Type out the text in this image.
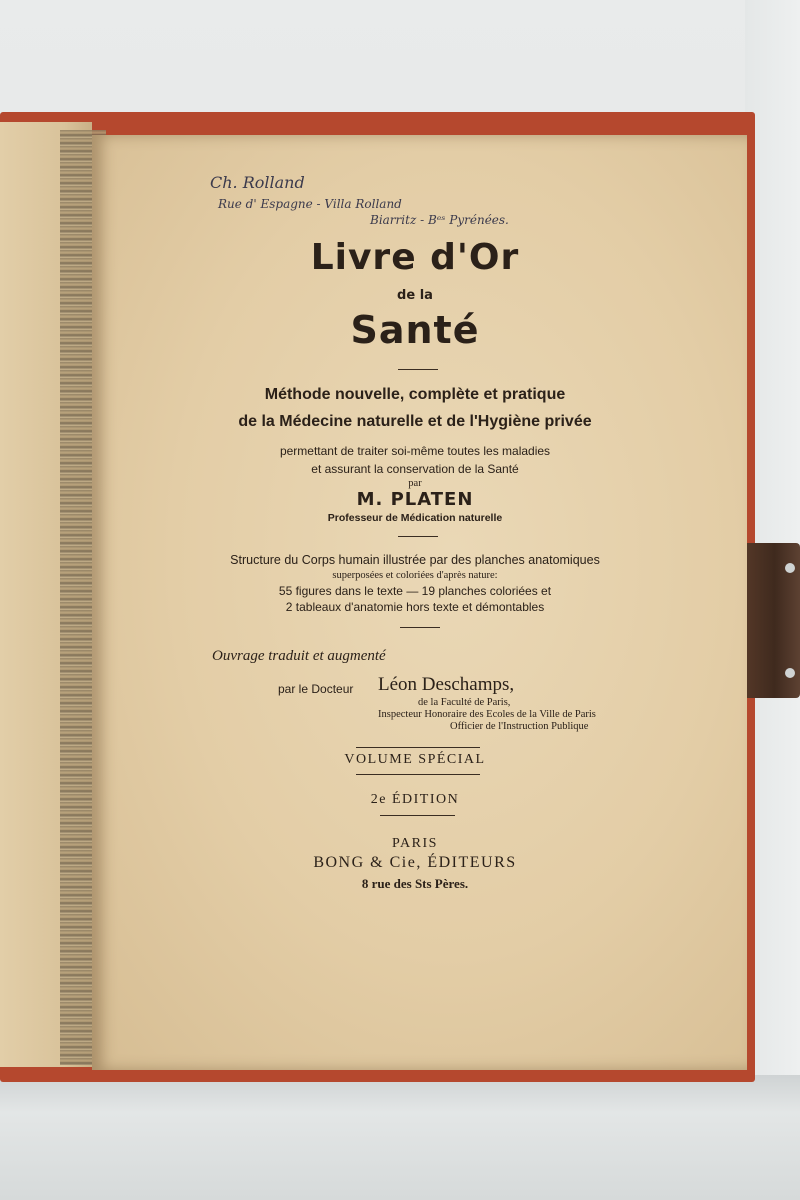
Ch. Rolland
Rue d' Espagne - Villa Rolland
Biarritz - Bᵉˢ Pyrénées.
Livre d'Or
de la
Santé
Méthode nouvelle, complète et pratique
de la Médecine naturelle et de l'Hygiène privée
permettant de traiter soi-même toutes les maladies
et assurant la conservation de la Santé
par
M. PLATEN
Professeur de Médication naturelle
Structure du Corps humain illustrée par des planches anatomiques
superposées et coloriées d'après nature:
55 figures dans le texte — 19 planches coloriées et
2 tableaux d'anatomie hors texte et démontables
Ouvrage traduit et augmenté
par le Docteur Léon Deschamps,
de la Faculté de Paris,
Inspecteur Honoraire des Ecoles de la Ville de Paris
Officier de l'Instruction Publique
VOLUME SPÉCIAL
2e ÉDITION
PARIS
BONG & Cie, ÉDITEURS
8 rue des Sts Pères.
